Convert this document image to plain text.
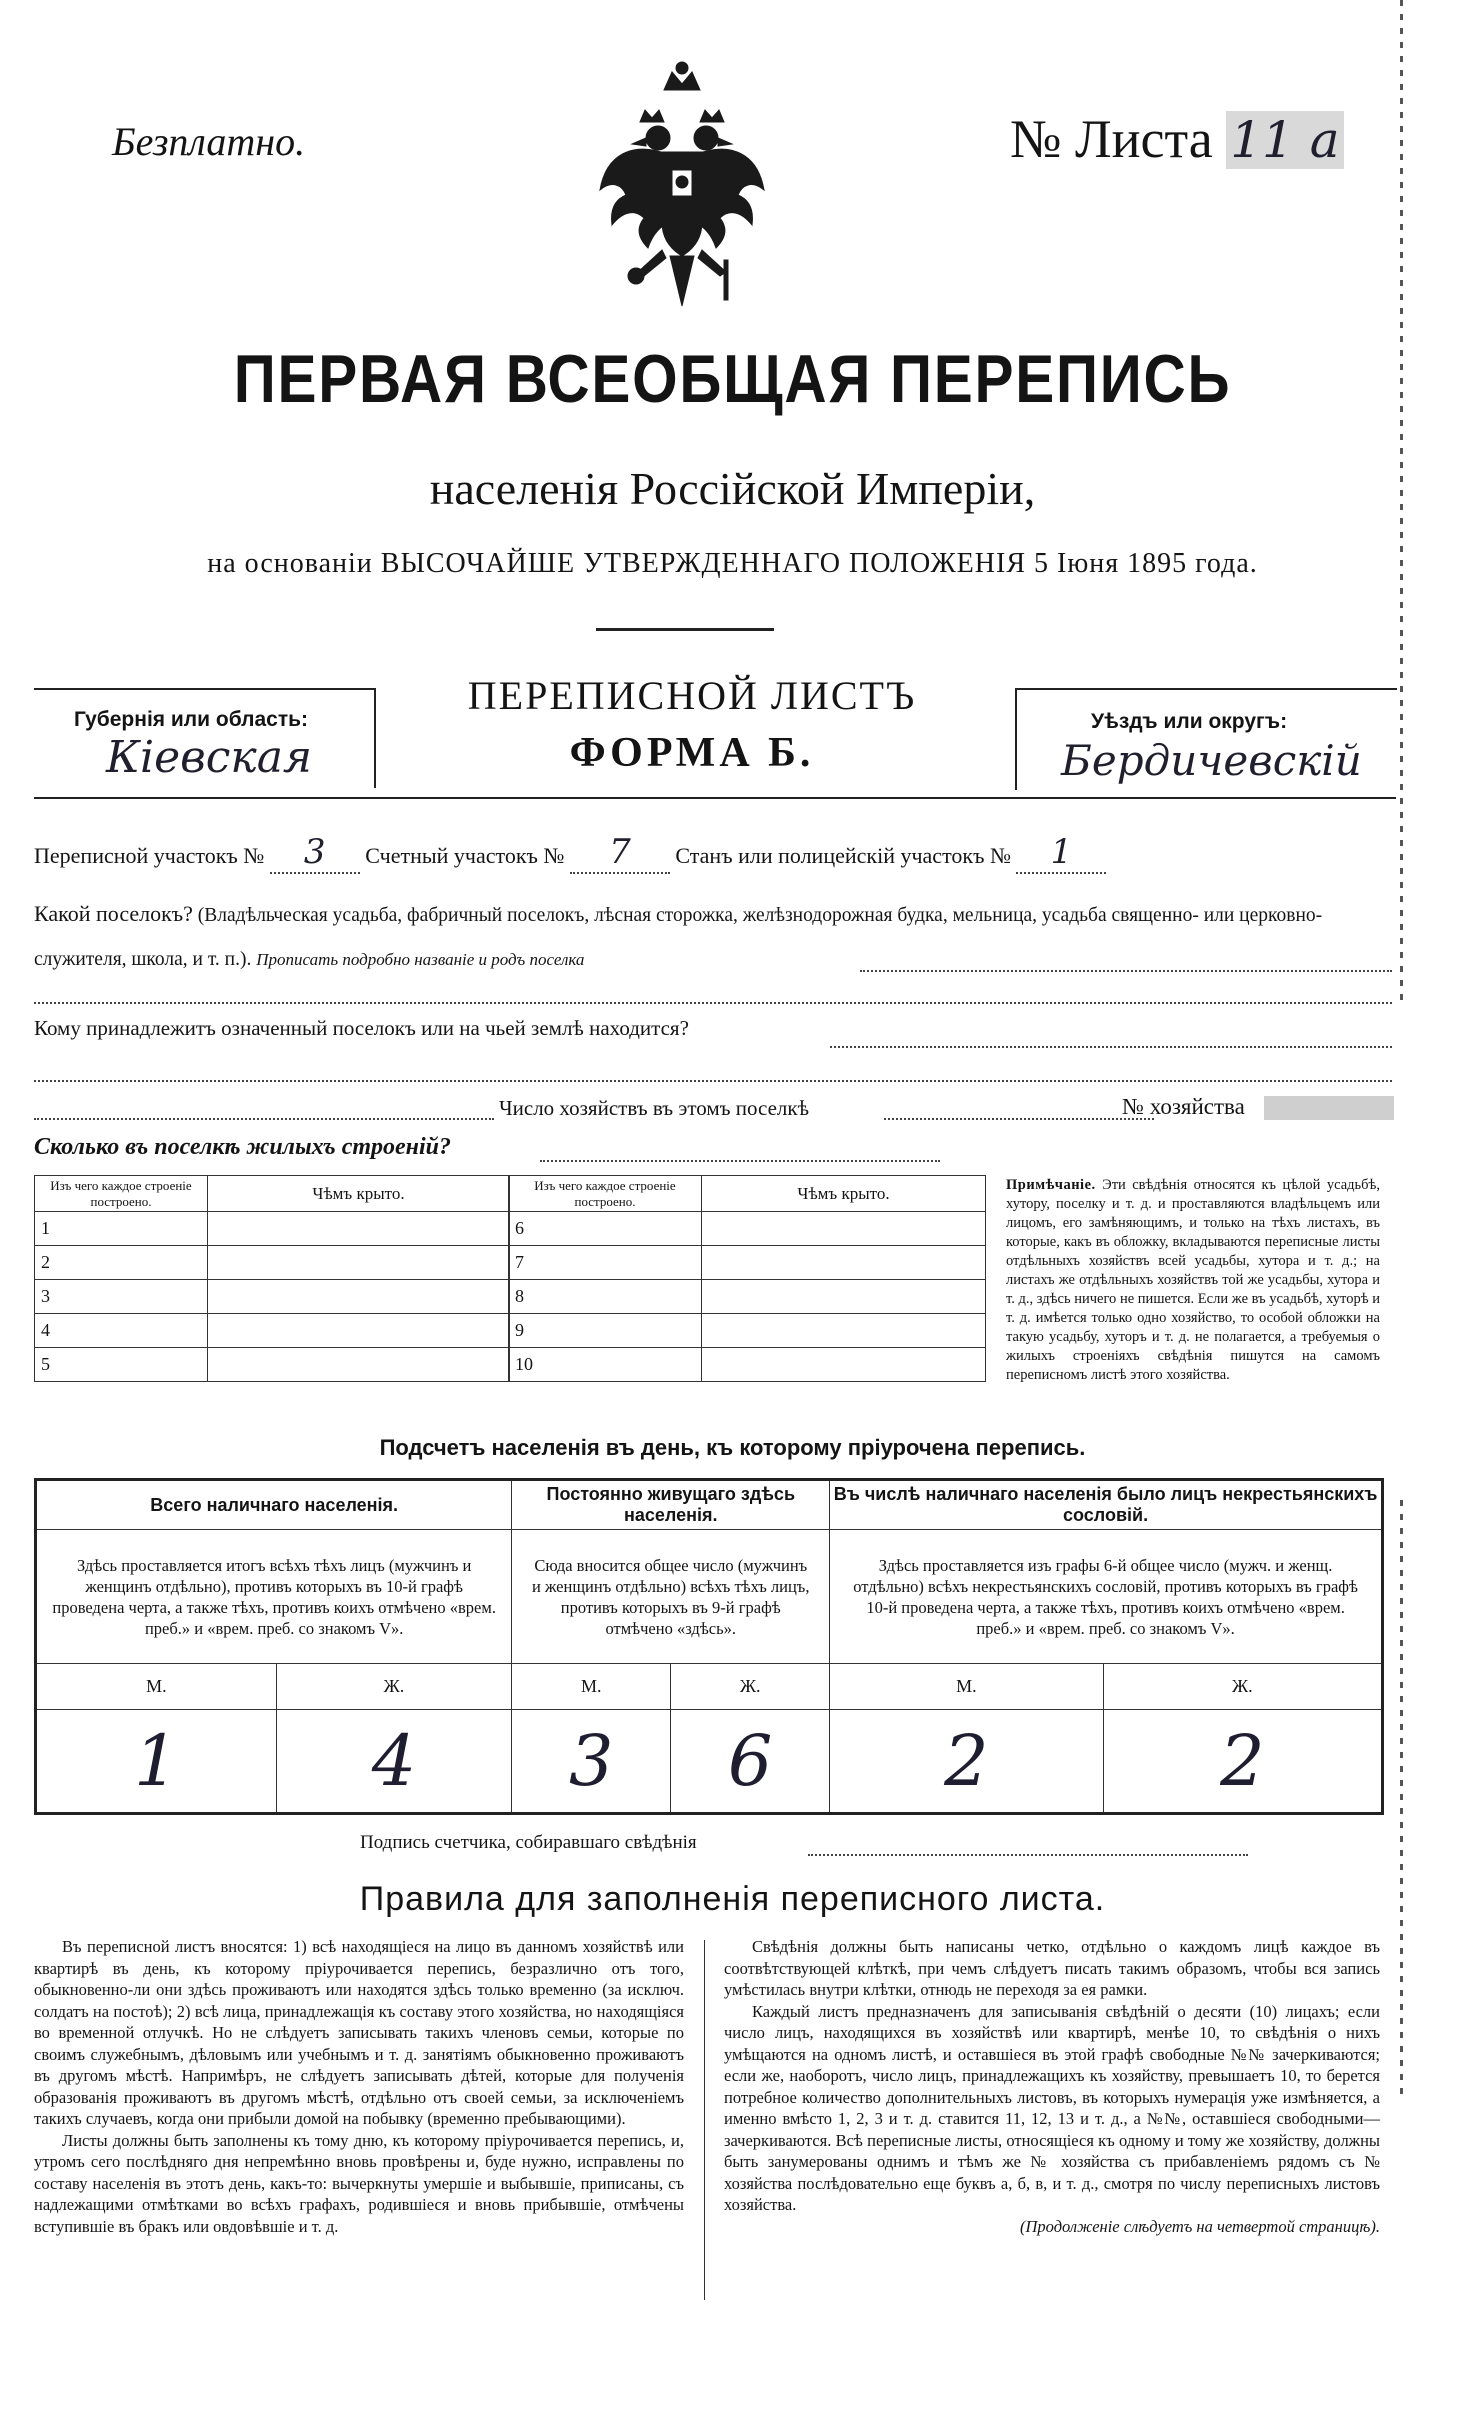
Безплатно.	№ Листа 11 а
ПЕРВАЯ ВСЕОБЩАЯ ПЕРЕПИСЬ
населенія Россійской Имперіи,
на основаніи ВЫСОЧАЙШЕ УТВЕРЖДЕННАГО ПОЛОЖЕНІЯ 5 Іюня 1895 года.
Губернія или область:
Кіевская
ПЕРЕПИСНОЙ ЛИСТЪ
ФОРМА Б.
Уѣздъ или округъ:
Бердичевскій
Переписной участокъ № 3 Счетный участокъ № 7 Станъ или полицейскій участокъ № 1
Какой поселокъ? (Владѣльческая усадьба, фабричный поселокъ, лѣсная сторожка, желѣзнодорожная будка, мельница, усадьба священно- или церковно-служителя, школа, и т. п.). Прописать подробно названіе и родъ поселка
Кому принадлежитъ означенный поселокъ или на чьей землѣ находится?
Число хозяйствъ въ этомъ поселкѣ	№ хозяйства
Сколько въ поселкѣ жилыхъ строеній?
Изъ чего каждое строеніе построено.	Чѣмъ крыто.
1	
2	
3	
4	
5	
Изъ чего каждое строеніе построено.	Чѣмъ крыто.
6	
7	
8	
9	
10	
Примѣчаніе. Эти свѣдѣнія относятся къ цѣлой усадьбѣ, хутору, поселку и т. д. и проставляются владѣльцемъ или лицомъ, его замѣняющимъ, и только на тѣхъ листахъ, въ которые, какъ въ обложку, вкладываются переписные листы отдѣльныхъ хозяйствъ всей усадьбы, хутора и т. д.; на листахъ же отдѣльныхъ хозяйствъ той же усадьбы, хутора и т. д., здѣсь ничего не пишется. Если же въ усадьбѣ, хуторѣ и т. д. имѣется только одно хозяйство, то особой обложки на такую усадьбу, хуторъ и т. д. не полагается, а требуемыя о жилыхъ строеніяхъ свѣдѣнія пишутся на самомъ переписномъ листѣ этого хозяйства.
Подсчетъ населенія въ день, къ которому пріурочена перепись.
Всего наличнаго населенія.		Постоянно живущаго здѣсь населенія.		Въ числѣ наличнаго населенія было лицъ некрестьянскихъ сословій.	
Здѣсь проставляется итогъ всѣхъ тѣхъ лицъ (мужчинъ и женщинъ отдѣльно), противъ которыхъ въ 10-й графѣ проведена черта, а также тѣхъ, противъ коихъ отмѣчено «врем. преб.» и «врем. преб. со знакомъ V».		Сюда вносится общее число (мужчинъ и женщинъ отдѣльно) всѣхъ тѣхъ лицъ, противъ которыхъ въ 9-й графѣ отмѣчено «здѣсь».		Здѣсь проставляется изъ графы 6-й общее число (мужч. и женщ. отдѣльно) всѣхъ некрестьянскихъ сословій, противъ которыхъ въ графѣ 10-й проведена черта, а также тѣхъ, противъ коихъ отмѣчено «врем. преб.» и «врем. преб. со знакомъ V».	
М.	Ж.	М.	Ж.	М.	Ж.
1	4	3	6	2	2
Подпись счетчика, собиравшаго свѣдѣнія
Правила для заполненія переписного листа.

Въ переписной листъ вносятся: 1) всѣ находящіеся на лицо въ данномъ хозяйствѣ или квартирѣ въ день, къ которому пріурочивается перепись, безразлично отъ того, обыкновенно-ли они здѣсь проживаютъ или находятся здѣсь только временно (за исключ. солдатъ на постоѣ); 2) всѣ лица, принадлежащія къ составу этого хозяйства, но находящіяся во временной отлучкѣ. Но не слѣдуетъ записывать такихъ членовъ семьи, которые по своимъ служебнымъ, дѣловымъ или учебнымъ и т. д. занятіямъ обыкновенно проживаютъ въ другомъ мѣстѣ. Напримѣръ, не слѣдуетъ записывать дѣтей, которые для полученія образованія проживаютъ въ другомъ мѣстѣ, отдѣльно отъ своей семьи, за исключеніемъ такихъ случаевъ, когда они прибыли домой на побывку (временно пребывающими).

Листы должны быть заполнены къ тому дню, къ которому пріурочивается перепись, и, утромъ сего послѣдняго дня непремѣнно вновь провѣрены и, буде нужно, исправлены по составу населенія въ этотъ день, какъ-то: вычеркнуты умершіе и выбывшіе, приписаны, съ надлежащими отмѣтками во всѣхъ графахъ, родившіеся и вновь прибывшіе, отмѣчены вступившіе въ бракъ или овдовѣвшіе и т. д.

Свѣдѣнія должны быть написаны четко, отдѣльно о каждомъ лицѣ каждое въ соотвѣтствующей клѣткѣ, при чемъ слѣдуетъ писать такимъ образомъ, чтобы вся запись умѣстилась внутри клѣтки, отнюдь не переходя за ея рамки.

Каждый листъ предназначенъ для записыванія свѣдѣній о десяти (10) лицахъ; если число лицъ, находящихся въ хозяйствѣ или квартирѣ, менѣе 10, то свѣдѣнія о нихъ умѣщаются на одномъ листѣ, и оставшіеся въ этой графѣ свободные №№ зачеркиваются; если же, наоборотъ, число лицъ, принадлежащихъ къ хозяйству, превышаетъ 10, то берется потребное количество дополнительныхъ листовъ, въ которыхъ нумерація уже измѣняется, а именно вмѣсто 1, 2, 3 и т. д. ставится 11, 12, 13 и т. д., а №№, оставшіеся свободными—зачеркиваются. Всѣ переписные листы, относящіеся къ одному и тому же хозяйству, должны быть занумерованы однимъ и тѣмъ же № хозяйства съ прибавленіемъ рядомъ съ № хозяйства послѣдовательно еще буквъ а, б, в, и т. д., смотря по числу переписныхъ листовъ хозяйства.

(Продолженіе слѣдуетъ на четвертой страницѣ).
